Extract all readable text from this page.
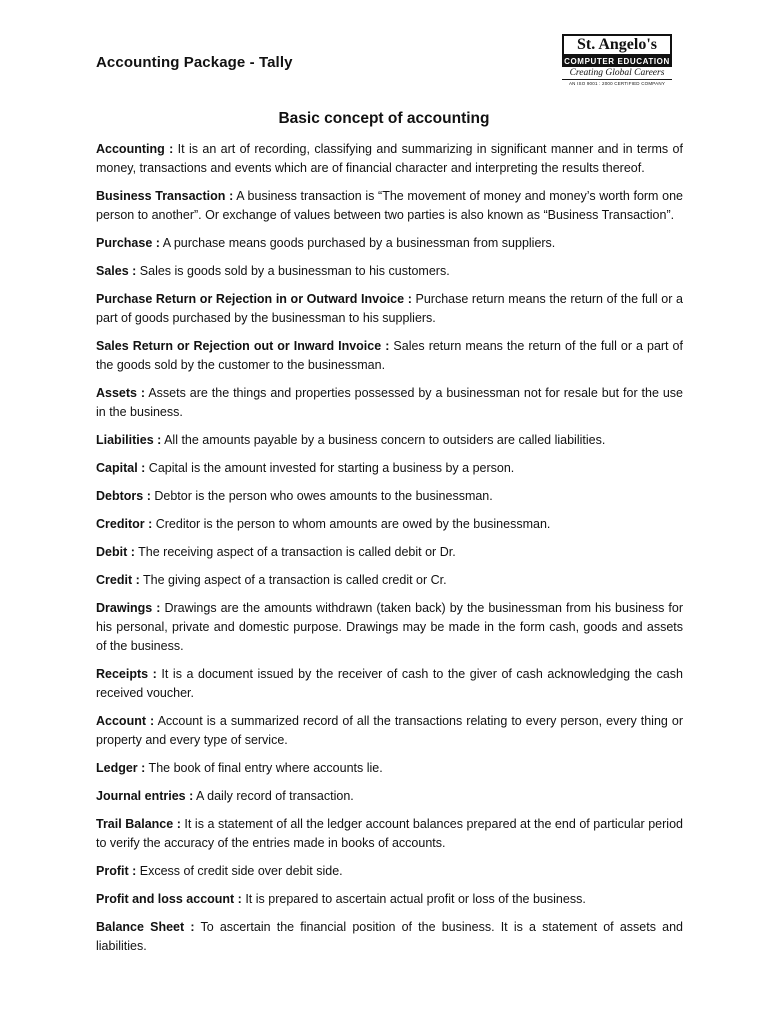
Accounting Package - Tally
St. Angelo's
COMPUTER EDUCATION
Creating Global Careers
AN ISO 9001 : 2000 CERTIFIED COMPANY
Basic concept of accounting

Accounting : It is an art of recording, classifying and summarizing in significant manner and in terms of money, transactions and events which are of financial character and interpreting the results thereof.

Business Transaction : A business transaction is “The movement of money and money’s worth form one person to another”. Or exchange of values between two parties is also known as “Business Transaction”.

Purchase : A purchase means goods purchased by a businessman from suppliers.

Sales : Sales is goods sold by a businessman to his customers.

Purchase Return or Rejection in or Outward Invoice : Purchase return means the return of the full or a part of goods purchased by the businessman to his suppliers.

Sales Return or Rejection out or Inward Invoice : Sales return means the return of the full or a part of the goods sold by the customer to the businessman.

Assets : Assets are the things and properties possessed by a businessman not for resale but for the use in the business.

Liabilities : All the amounts payable by a business concern to outsiders are called liabilities.

Capital : Capital is the amount invested for starting a business by a person.

Debtors : Debtor is the person who owes amounts to the businessman.

Creditor : Creditor is the person to whom amounts are owed by the businessman.

Debit : The receiving aspect of a transaction is called debit or Dr.

Credit : The giving aspect of a transaction is called credit or Cr.

Drawings : Drawings are the amounts withdrawn (taken back) by the businessman from his business for his personal, private and domestic purpose. Drawings may be made in the form cash, goods and assets of the business.

Receipts : It is a document issued by the receiver of cash to the giver of cash acknowledging the cash received voucher.

Account : Account is a summarized record of all the transactions relating to every person, every thing or property and every type of service.

Ledger : The book of final entry where accounts lie.

Journal entries : A daily record of transaction.

Trail Balance : It is a statement of all the ledger account balances prepared at the end of particular period to verify the accuracy of the entries made in books of accounts.

Profit : Excess of credit side over debit side.

Profit and loss account : It is prepared to ascertain actual profit or loss of the business.

Balance Sheet : To ascertain the financial position of the business. It is a statement of assets and liabilities.
